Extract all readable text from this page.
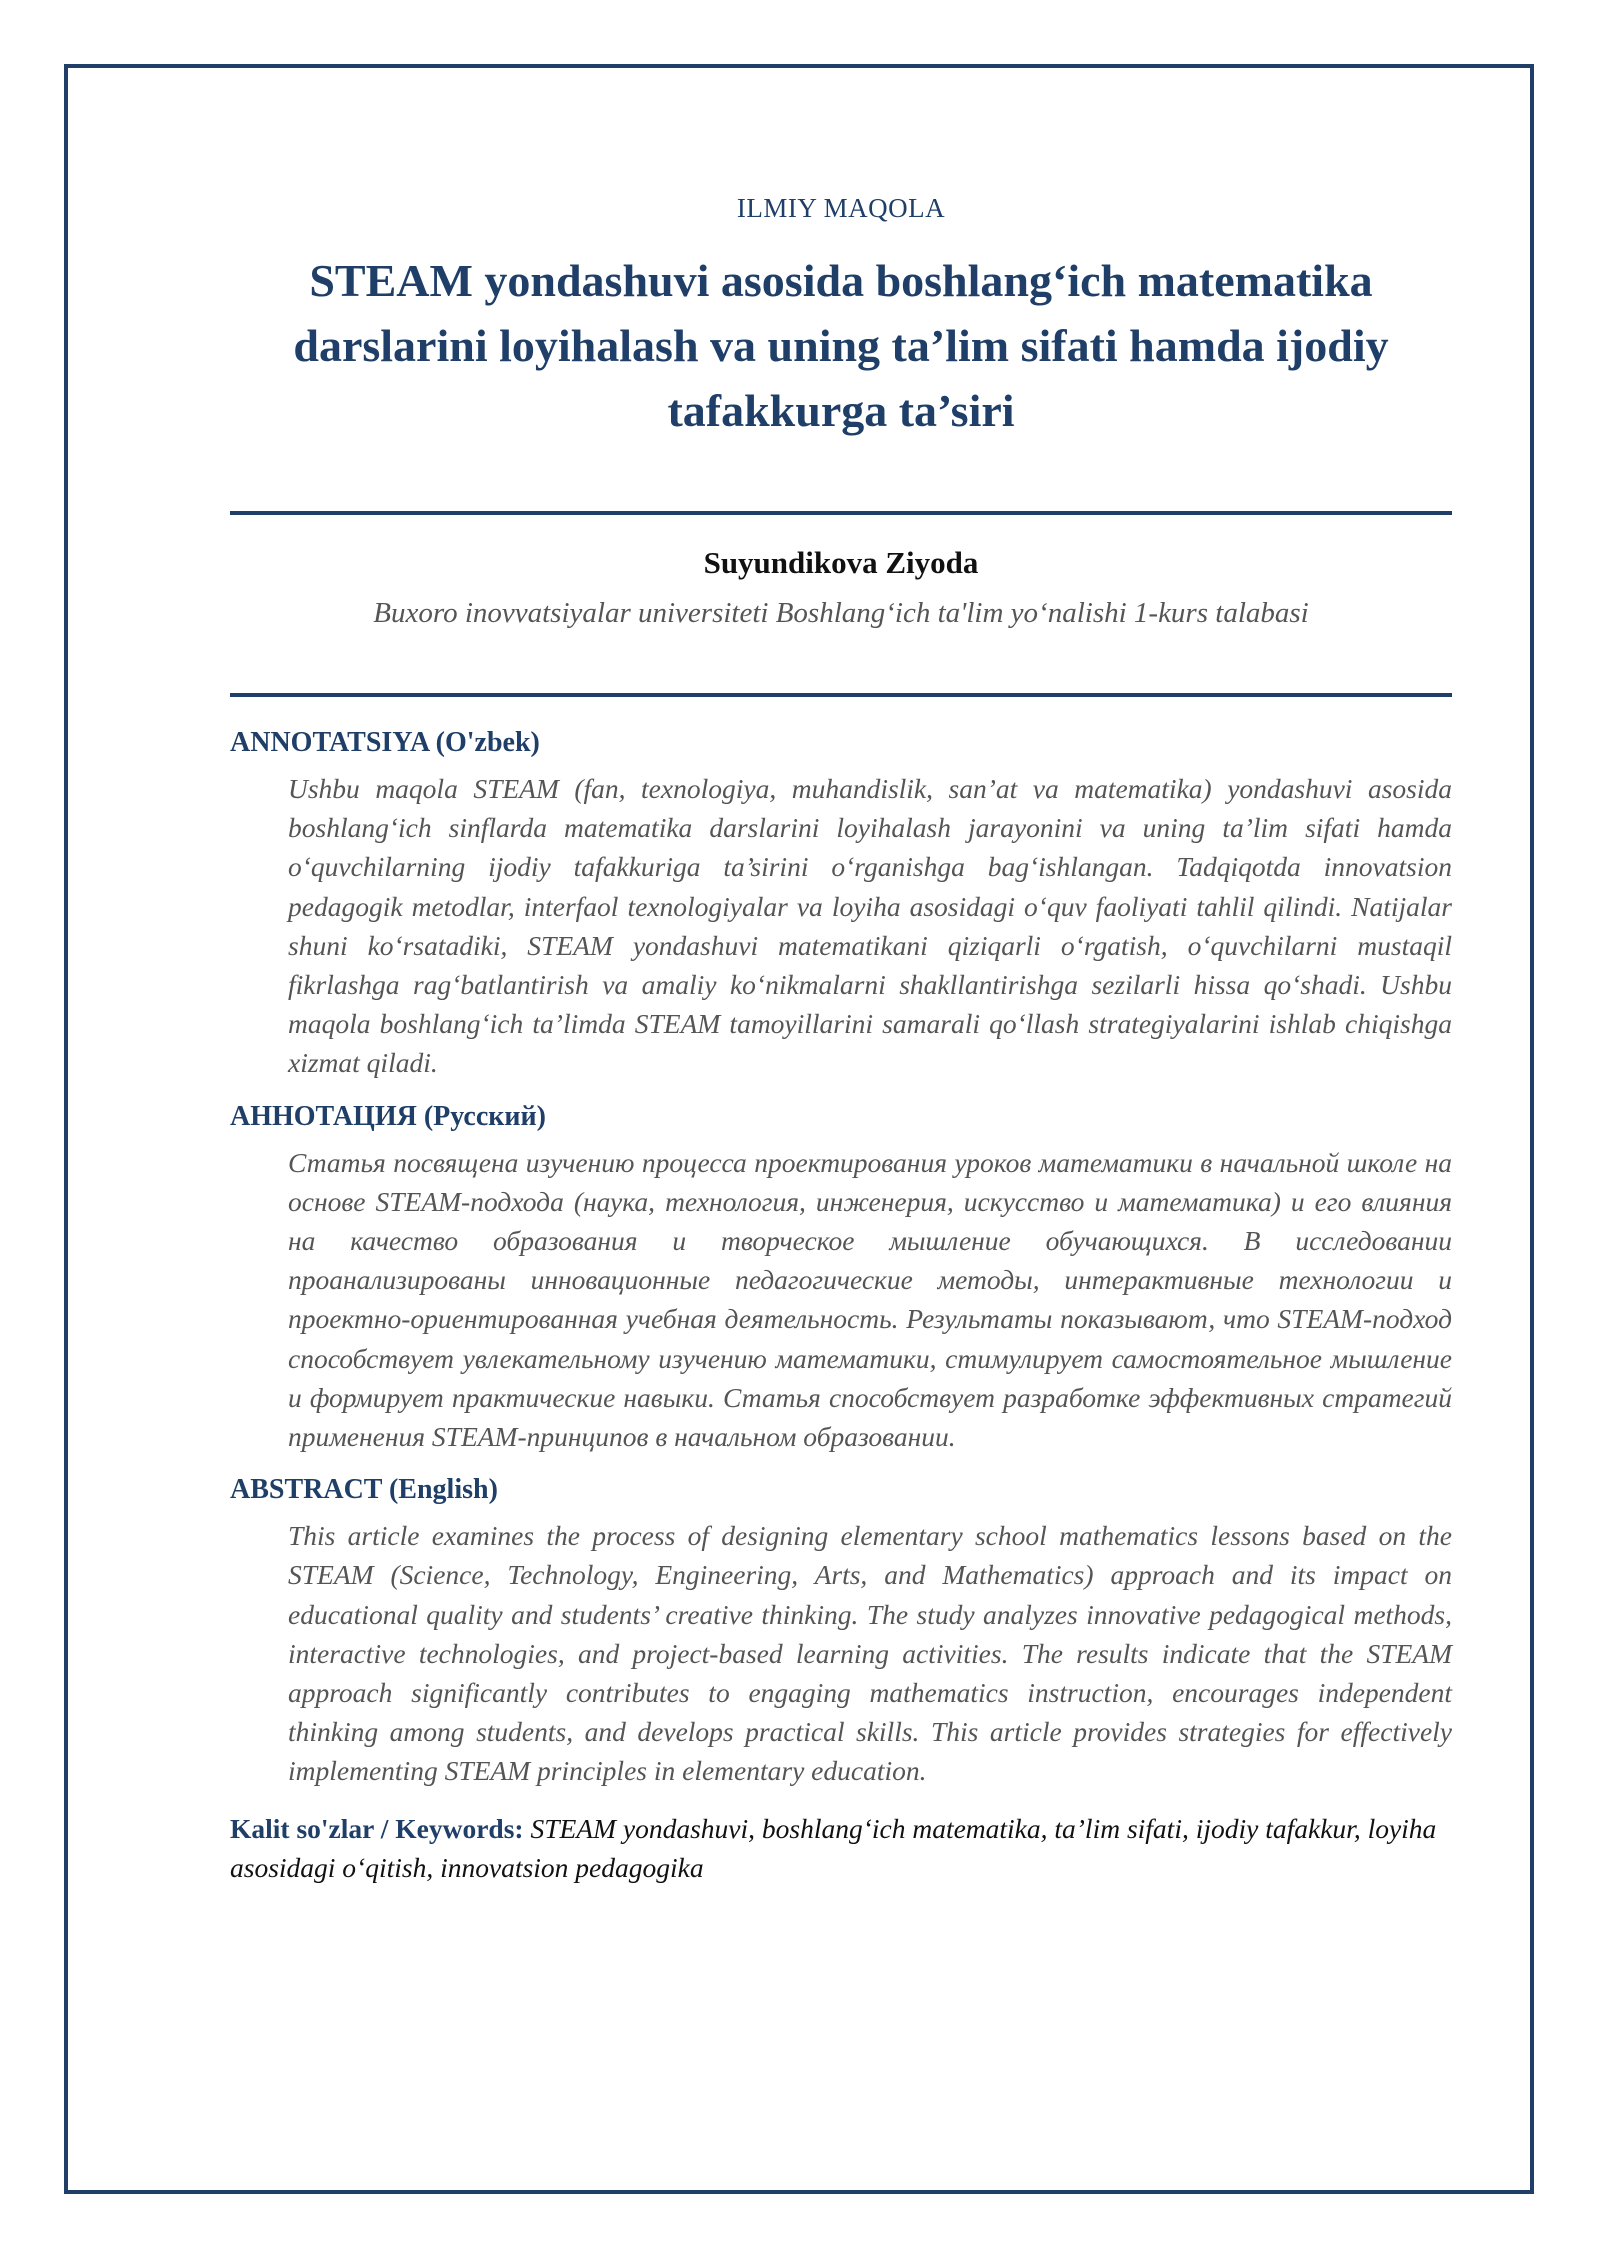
ILMIY MAQOLA

STEAM yondashuvi asosida boshlang‘ich matematika darslarini loyihalash va uning ta’lim sifati hamda ijodiy tafakkurga ta’siri

Suyundikova Ziyoda

Buxoro inovvatsiyalar universiteti Boshlang‘ich ta'lim yo‘nalishi 1-kurs talabasi

ANNOTATSIYA (O'zbek)

Ushbu maqola STEAM (fan, texnologiya, muhandislik, san’at va matematika) yondashuvi asosida boshlang‘ich sinflarda matematika darslarini loyihalash jarayonini va uning ta’lim sifati hamda o‘quvchilarning ijodiy tafakkuriga ta’sirini o‘rganishga bag‘ishlangan. Tadqiqotda innovatsion pedagogik metodlar, interfaol texnologiyalar va loyiha asosidagi o‘quv faoliyati tahlil qilindi. Natijalar shuni ko‘rsatadiki, STEAM yondashuvi matematikani qiziqarli o‘rgatish, o‘quvchilarni mustaqil fikrlashga rag‘batlantirish va amaliy ko‘nikmalarni shakllantirishga sezilarli hissa qo‘shadi. Ushbu maqola boshlang‘ich ta’limda STEAM tamoyillarini samarali qo‘llash strategiyalarini ishlab chiqishga xizmat qiladi.

АННОТАЦИЯ (Русский)

Статья посвящена изучению процесса проектирования уроков математики в начальной школе на основе STEAM-подхода (наука, технология, инженерия, искусство и математика) и его влияния на качество образования и творческое мышление обучающихся. В исследовании проанализированы инновационные педагогические методы, интерактивные технологии и проектно-ориентированная учебная деятельность. Результаты показывают, что STEAM-подход способствует увлекательному изучению математики, стимулирует самостоятельное мышление и формирует практические навыки. Статья способствует разработке эффективных стратегий применения STEAM-принципов в начальном образовании.

ABSTRACT (English)

This article examines the process of designing elementary school mathematics lessons based on the STEAM (Science, Technology, Engineering, Arts, and Mathematics) approach and its impact on educational quality and students’ creative thinking. The study analyzes innovative pedagogical methods, interactive technologies, and project-based learning activities. The results indicate that the STEAM approach significantly contributes to engaging mathematics instruction, encourages independent thinking among students, and develops practical skills. This article provides strategies for effectively implementing STEAM principles in elementary education.

Kalit so'zlar / Keywords: STEAM yondashuvi, boshlang‘ich matematika, ta’lim sifati, ijodiy tafakkur, loyiha asosidagi o‘qitish, innovatsion pedagogika
